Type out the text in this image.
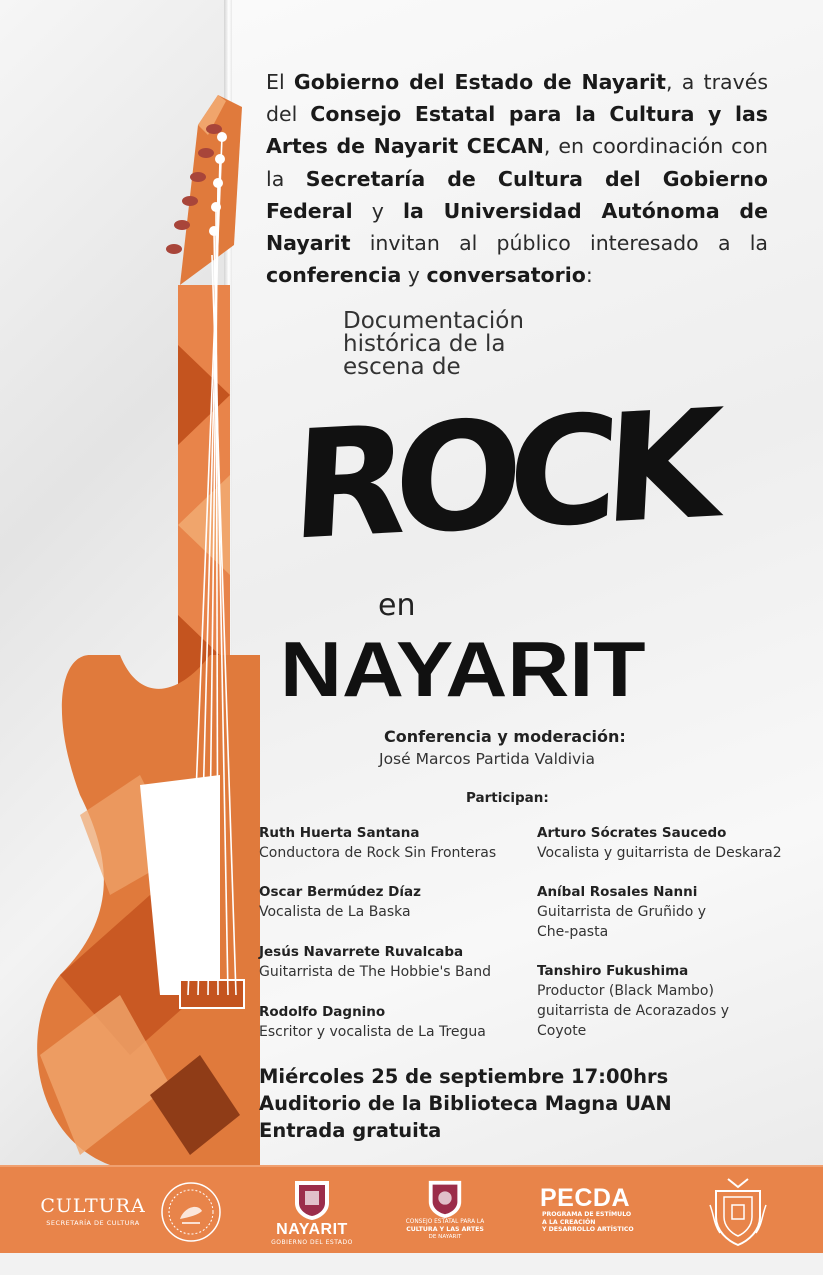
El Gobierno del Estado de Nayarit, a través del Consejo Estatal para la Cultura y las Artes de Nayarit CECAN, en coordinación con la Secretaría de Cultura del Gobierno Federal y la Universidad Autónoma de Nayarit invitan al público interesado a la conferencia y conversatorio:
Documentación
histórica de la
escena de
ROCK
en
NAYARIT
Conferencia y moderación:
José Marcos Partida Valdivia
Participan:
Ruth Huerta Santana
Conductora de Rock Sin Fronteras
Arturo Sócrates Saucedo
Vocalista y guitarrista de Deskara2
Oscar Bermúdez Díaz
Vocalista de La Baska
Aníbal Rosales Nanni
Guitarrista de Gruñido y
Che-pasta
Jesús Navarrete Ruvalcaba
Guitarrista de The Hobbie's Band	Tanshiro Fukushima
Productor (Black Mambo)
guitarrista de Acorazados y
Coyote
Rodolfo Dagnino
Escritor y vocalista de La Tregua
Miércoles 25 de septiembre 17:00hrs
Auditorio de la Biblioteca Magna UAN
Entrada gratuita
CULTURA
SECRETARÍA DE CULTURA	NAYARIT
GOBIERNO DEL ESTADO
CONSEJO ESTATAL PARA LA
CULTURA Y LAS ARTES
DE NAYARIT
PECDA
PROGRAMA DE ESTÍMULO
A LA CREACIÓN
Y DESARROLLO ARTÍSTICO
